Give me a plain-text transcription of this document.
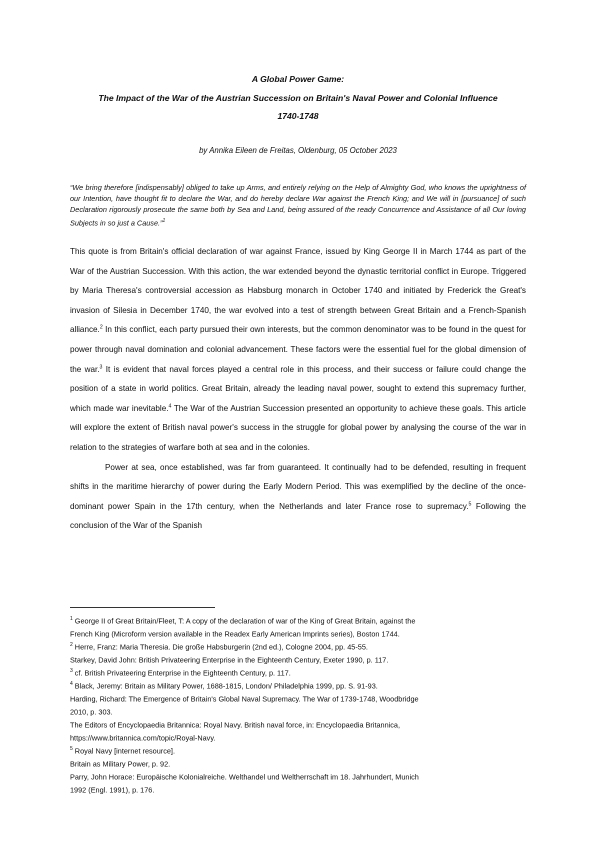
A Global Power Game:
The Impact of the War of the Austrian Succession on Britain's Naval Power and Colonial Influence
1740-1748
by Annika Eileen de Freitas, Oldenburg, 05 October 2023
“We bring therefore [indispensably] obliged to take up Arms, and entirely relying on the Help of Almighty God, who knows the uprightness of our Intention, have thought fit to declare the War, and do hereby declare War against the French King; and We will in [pursuance] of such Declaration rigorously prosecute the same both by Sea and Land, being assured of the ready Concurrence and Assistance of all Our loving Subjects in so just a Cause.”$^1$

This quote is from Britain's official declaration of war against France, issued by King George II in March 1744 as part of the War of the Austrian Succession. With this action, the war extended beyond the dynastic territorial conflict in Europe. Triggered by Maria Theresa's controversial accession as Habsburg monarch in October 1740 and initiated by Frederick the Great's invasion of Silesia in December 1740, the war evolved into a test of strength between Great Britain and a French-Spanish alliance.$^2$ In this conflict, each party pursued their own interests, but the common denominator was to be found in the quest for power through naval domination and colonial advancement. These factors were the essential fuel for the global dimension of the war.$^3$ It is evident that naval forces played a central role in this process, and their success or failure could change the position of a state in world politics. Great Britain, already the leading naval power, sought to extend this supremacy further, which made war inevitable.$^4$ The War of the Austrian Succession presented an opportunity to achieve these goals. This article will explore the extent of British naval power's success in the struggle for global power by analysing the course of the war in relation to the strategies of warfare both at sea and in the colonies.

Power at sea, once established, was far from guaranteed. It continually had to be defended, resulting in frequent shifts in the maritime hierarchy of power during the Early Modern Period. This was exemplified by the decline of the once-dominant power Spain in the 17th century, when the Netherlands and later France rose to supremacy.$^5$ Following the conclusion of the War of the Spanish

$^1$ George II of Great Britain/Fleet, T: A copy of the declaration of war of the King of Great Britain, against the
French King (Microform version available in the Readex Early American Imprints series), Boston 1744.
$^2$ Herre, Franz: Maria Theresia. Die große Habsburgerin (2nd ed.), Cologne 2004, pp. 45-55.
Starkey, David John: British Privateering Enterprise in the Eighteenth Century, Exeter 1990, p. 117.
$^3$ cf. British Privateering Enterprise in the Eighteenth Century, p. 117.
$^4$ Black, Jeremy: Britain as Military Power, 1688-1815, London/ Philadelphia 1999, pp. S. 91-93.
Harding, Richard: The Emergence of Britain's Global Naval Supremacy. The War of 1739-1748, Woodbridge
2010, p. 303.
The Editors of Encyclopaedia Britannica: Royal Navy. British naval force, in: Encyclopaedia Britannica,
https://www.britannica.com/topic/Royal-Navy.
$^5$ Royal Navy [internet resource].
Britain as Military Power, p. 92.
Parry, John Horace: Europäische Kolonialreiche. Welthandel und Weltherrschaft im 18. Jahrhundert, Munich
1992 (Engl. 1991), p. 176.
